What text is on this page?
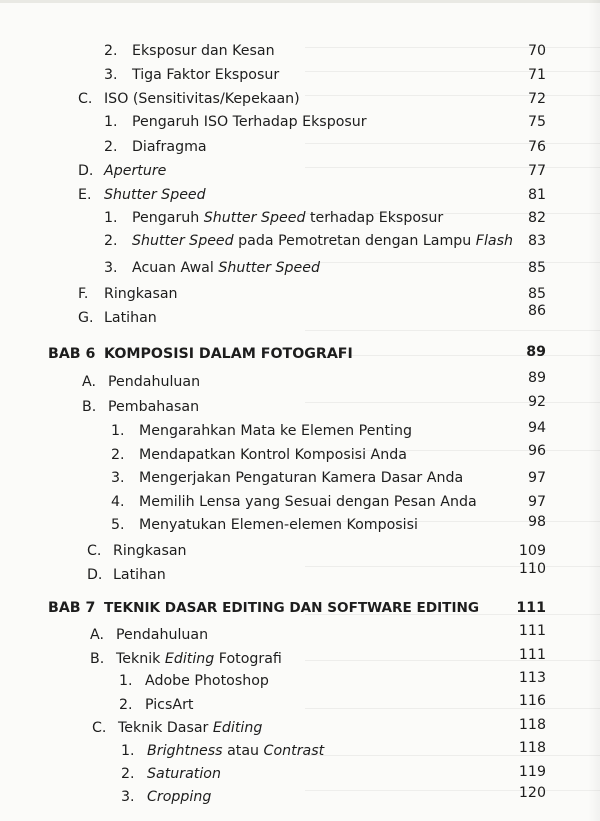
2. Eksposur dan Kesan	70
3. Tiga Faktor Eksposur	71
C. ISO (Sensitivitas/Kepekaan)	72
1. Pengaruh ISO Terhadap Eksposur	75
2. Diafragma	76
D. Aperture	77
E. Shutter Speed	81
1. Pengaruh Shutter Speed terhadap Eksposur	82
2. Shutter Speed pada Pemotretan dengan Lampu Flash 83
3. Acuan Awal Shutter Speed	85
F. Ringkasan	85
G. Latihan	86
BAB 6 KOMPOSISI DALAM FOTOGRAFI	89
A. Pendahuluan	89
B. Pembahasan	92
1. Mengarahkan Mata ke Elemen Penting	94
2. Mendapatkan Kontrol Komposisi Anda	96
3. Mengerjakan Pengaturan Kamera Dasar Anda	97
4. Memilih Lensa yang Sesuai dengan Pesan Anda	97
5. Menyatukan Elemen-elemen Komposisi	98
C. Ringkasan	109
D. Latihan	110
BAB 7 TEKNIK DASAR EDITING DAN SOFTWARE EDITING	111
A. Pendahuluan	111
B. Teknik Editing Fotografi	111
1. Adobe Photoshop	113
2. PicsArt	116
C. Teknik Dasar Editing	118
1. Brightness atau Contrast	118
2. Saturation	119
3. Cropping	120
